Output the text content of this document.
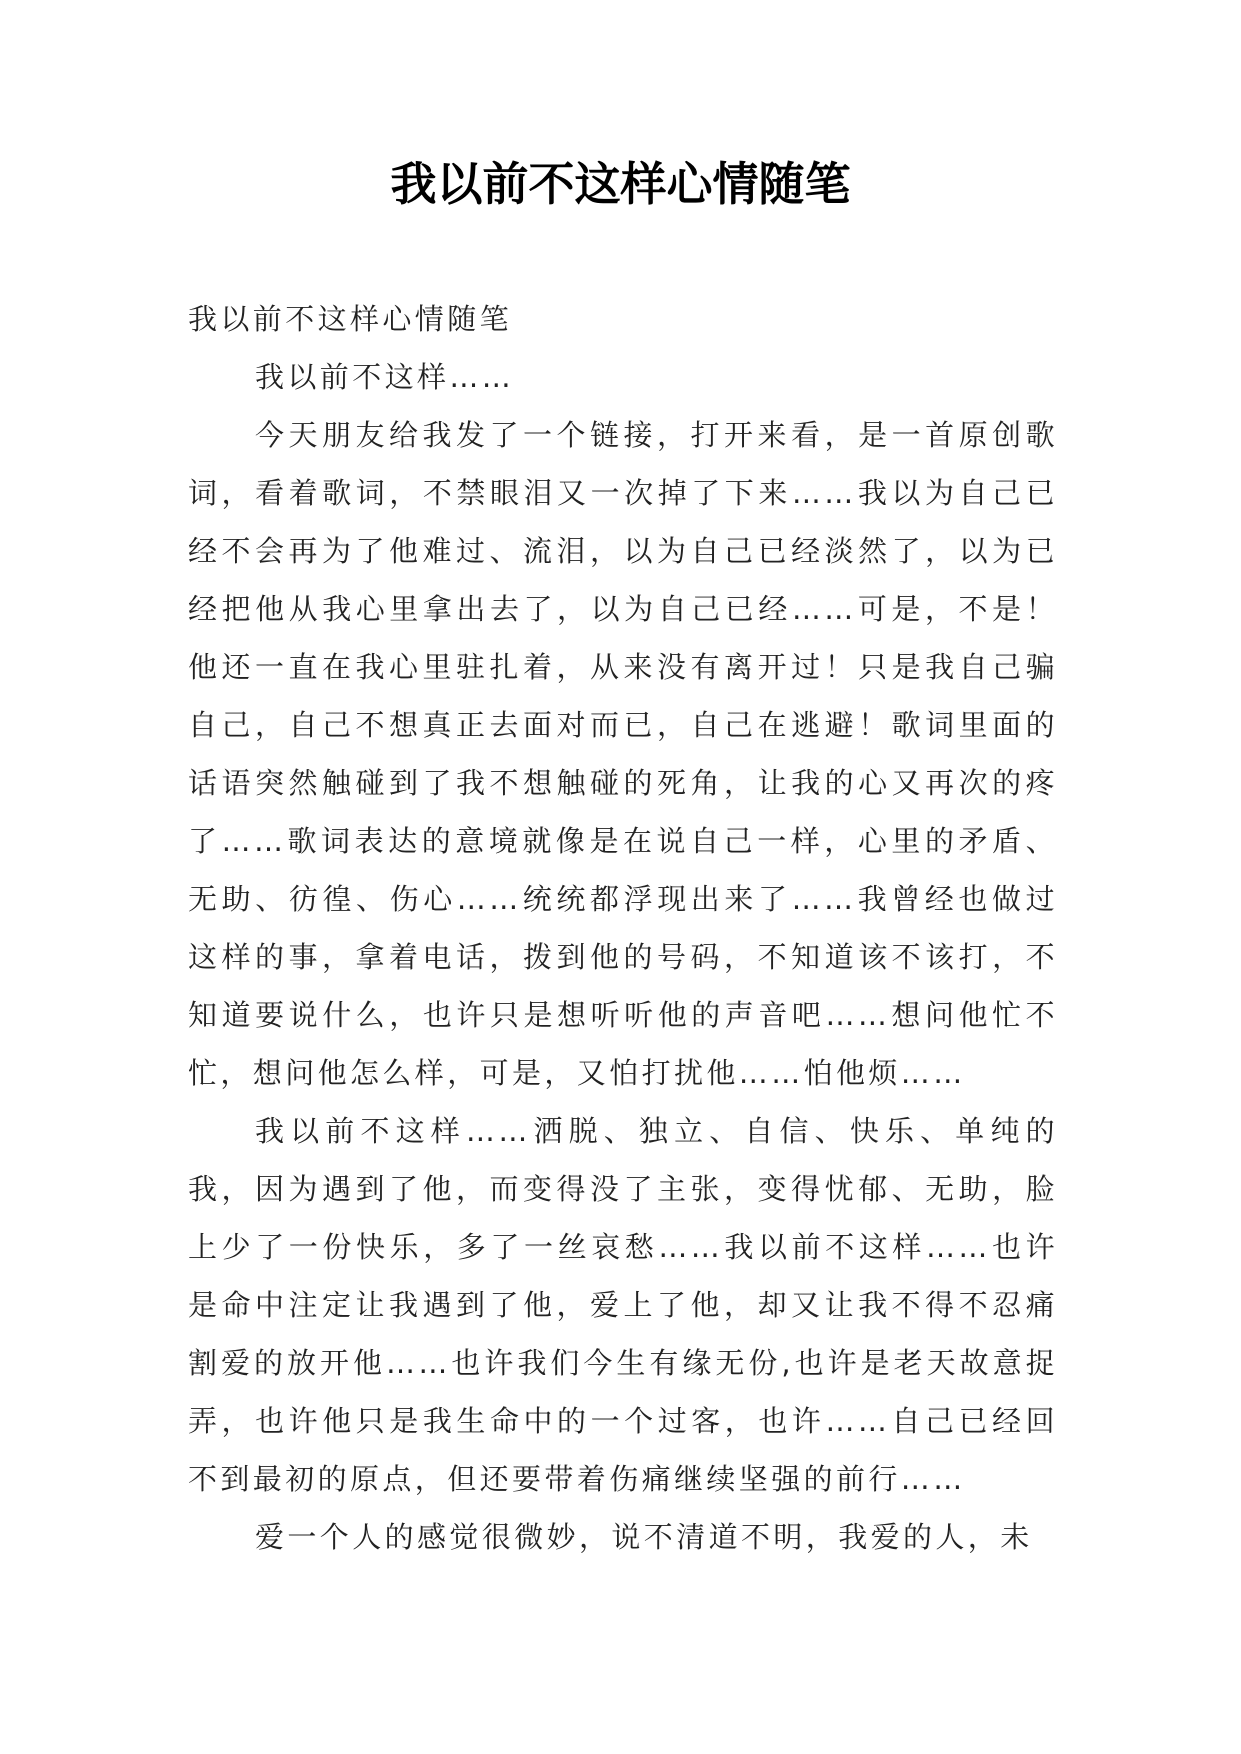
我以前不这样心情随笔

我以前不这样心情随笔

我以前不这样……

今天朋友给我发了一个链接，打开来看，是一首原创歌词，看着歌词，不禁眼泪又一次掉了下来……我以为自己已经不会再为了他难过、流泪，以为自己已经淡然了，以为已经把他从我心里拿出去了，以为自己已经……可是，不是！他还一直在我心里驻扎着，从来没有离开过！只是我自己骗自己，自己不想真正去面对而已，自己在逃避！歌词里面的话语突然触碰到了我不想触碰的死角，让我的心又再次的疼了……歌词表达的意境就像是在说自己一样，心里的矛盾、无助、彷徨、伤心……统统都浮现出来了……我曾经也做过这样的事，拿着电话，拨到他的号码，不知道该不该打，不知道要说什么，也许只是想听听他的声音吧……想问他忙不忙，想问他怎么样，可是，又怕打扰他……怕他烦……

我以前不这样……洒脱、独立、自信、快乐、单纯的我，因为遇到了他，而变得没了主张，变得忧郁、无助，脸上少了一份快乐，多了一丝哀愁……我以前不这样……也许是命中注定让我遇到了他，爱上了他，却又让我不得不忍痛割爱的放开他……也许我们今生有缘无份,也许是老天故意捉弄，也许他只是我生命中的一个过客，也许……自己已经回不到最初的原点，但还要带着伤痛继续坚强的前行……

爱一个人的感觉很微妙，说不清道不明，我爱的人，未
